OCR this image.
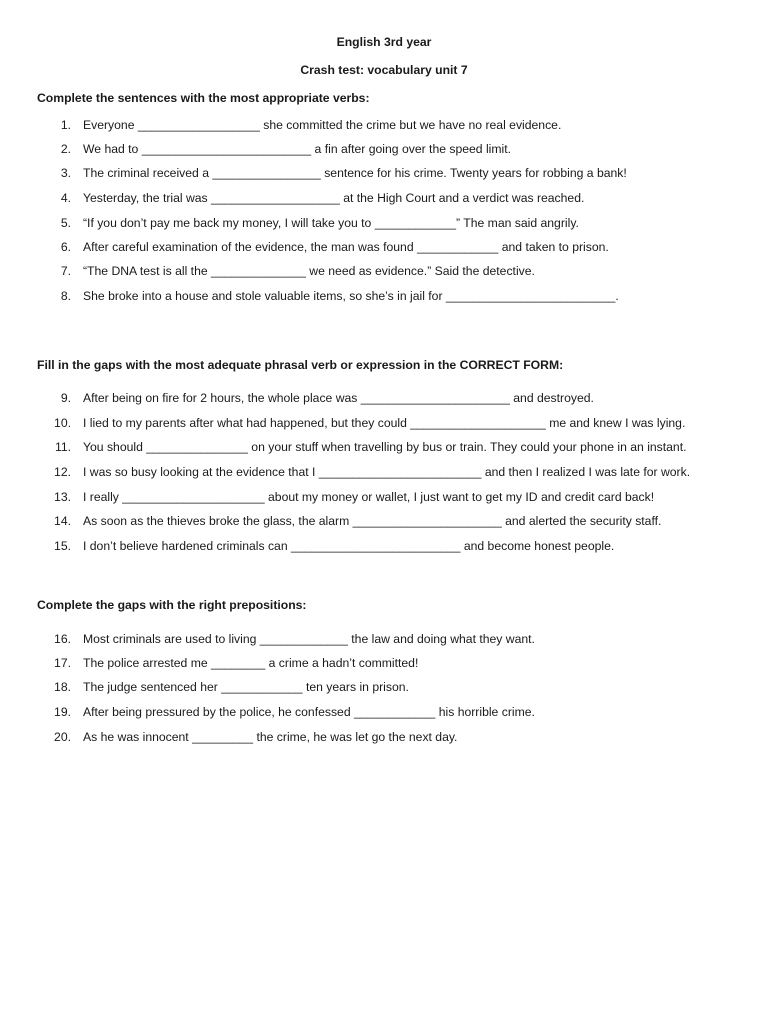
English 3rd year
Crash test: vocabulary unit 7
Complete the sentences with the most appropriate verbs:
1. Everyone __________________ she committed the crime but we have no real evidence.
2. We had to _________________________ a fin after going over the speed limit.
3. The criminal received a ________________ sentence for his crime. Twenty years for robbing a bank!
4. Yesterday, the trial was ___________________ at the High Court and a verdict was reached.
5. “If you don’t pay me back my money, I will take you to ____________” The man said angrily.
6. After careful examination of the evidence, the man was found ____________ and taken to prison.
7. “The DNA test is all the ______________ we need as evidence.” Said the detective.
8. She broke into a house and stole valuable items, so she’s in jail for _________________________.
Fill in the gaps with the most adequate phrasal verb or expression in the CORRECT FORM:
9. After being on fire for 2 hours, the whole place was ______________________ and destroyed.
10. I lied to my parents after what had happened, but they could ____________________ me and knew I was lying.
11. You should _______________ on your stuff when travelling by bus or train. They could your phone in an instant.
12. I was so busy looking at the evidence that I ________________________ and then I realized I was late for work.
13. I really _____________________ about my money or wallet, I just want to get my ID and credit card back!
14. As soon as the thieves broke the glass, the alarm ______________________ and alerted the security staff.
15. I don’t believe hardened criminals can _________________________ and become honest people.
Complete the gaps with the right prepositions:
16. Most criminals are used to living _____________ the law and doing what they want.
17. The police arrested me ________ a crime a hadn’t committed!
18. The judge sentenced her ____________ ten years in prison.
19. After being pressured by the police, he confessed ____________ his horrible crime.
20. As he was innocent _________ the crime, he was let go the next day.
